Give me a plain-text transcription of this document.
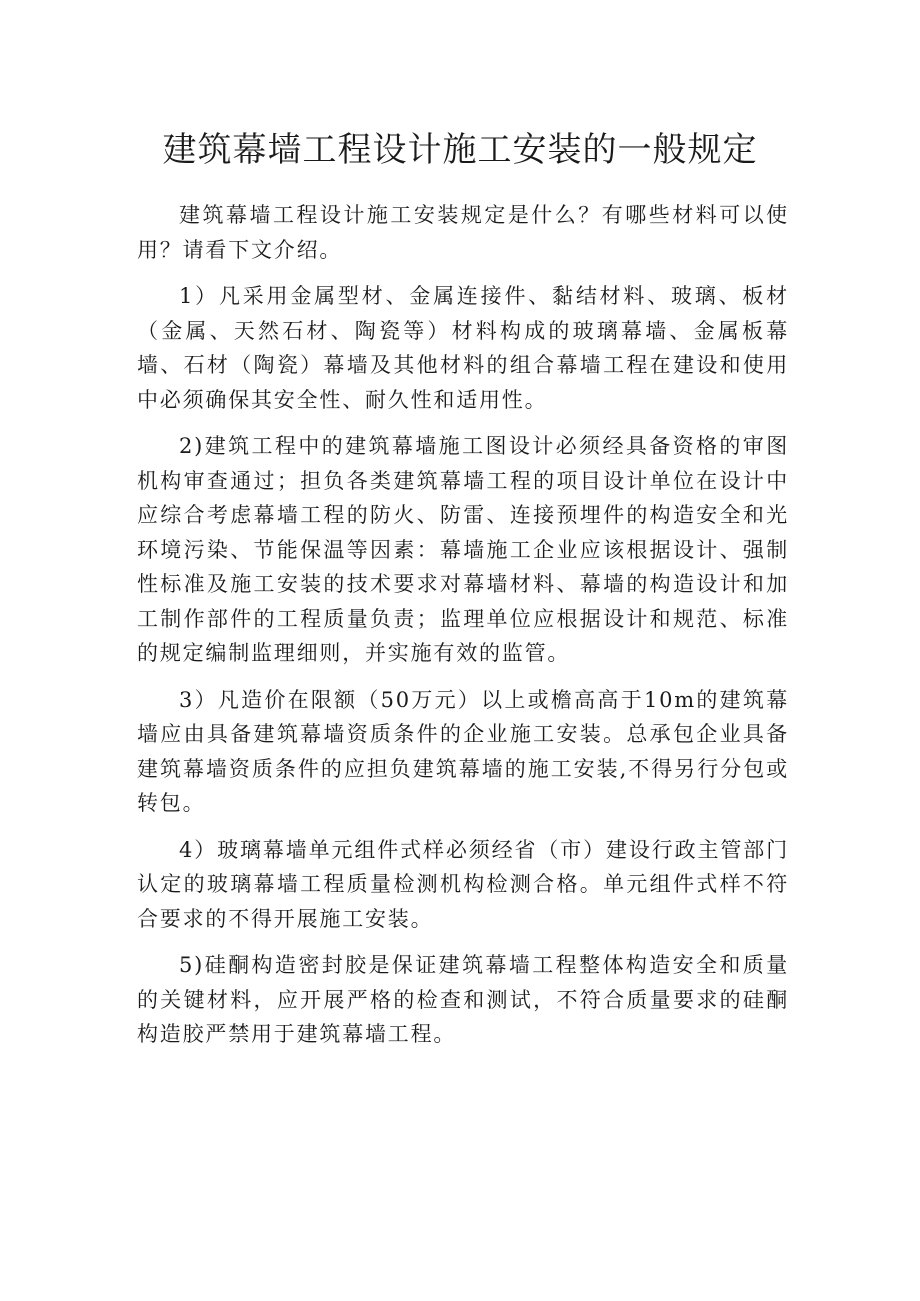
建筑幕墙工程设计施工安装的一般规定

建筑幕墙工程设计施工安装规定是什么？有哪些材料可以使用？请看下文介绍。

1）凡采用金属型材、金属连接件、黏结材料、玻璃、板材（金属、天然石材、陶瓷等）材料构成的玻璃幕墙、金属板幕墙、石材（陶瓷）幕墙及其他材料的组合幕墙工程在建设和使用中必须确保其安全性、耐久性和适用性。

2)建筑工程中的建筑幕墙施工图设计必须经具备资格的审图机构审查通过；担负各类建筑幕墙工程的项目设计单位在设计中应综合考虑幕墙工程的防火、防雷、连接预埋件的构造安全和光环境污染、节能保温等因素：幕墙施工企业应该根据设计、强制性标准及施工安装的技术要求对幕墙材料、幕墙的构造设计和加工制作部件的工程质量负责；监理单位应根据设计和规范、标准的规定编制监理细则，并实施有效的监管。

3）凡造价在限额（50万元）以上或檐高高于10m的建筑幕墙应由具备建筑幕墙资质条件的企业施工安装。总承包企业具备建筑幕墙资质条件的应担负建筑幕墙的施工安装,不得另行分包或转包。

4）玻璃幕墙单元组件式样必须经省（市）建设行政主管部门认定的玻璃幕墙工程质量检测机构检测合格。单元组件式样不符合要求的不得开展施工安装。

5)硅酮构造密封胶是保证建筑幕墙工程整体构造安全和质量的关键材料，应开展严格的检查和测试，不符合质量要求的硅酮构造胶严禁用于建筑幕墙工程。
